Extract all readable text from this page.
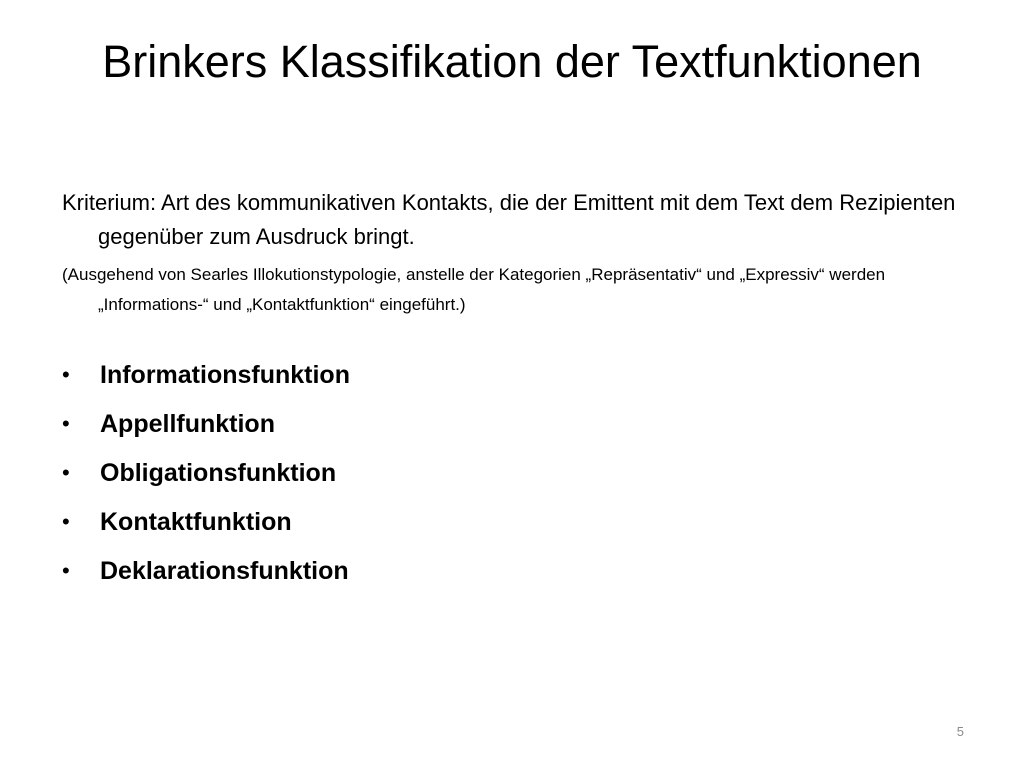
Brinkers Klassifikation der Textfunktionen

Kriterium: Art des kommunikativen Kontakts, die der Emittent mit dem Text dem Rezipienten gegenüber zum Ausdruck bringt.

(Ausgehend von Searles Illokutionstypologie, anstelle der Kategorien „Repräsentativ“ und „Expressiv“ werden „Informations-“ und „Kontaktfunktion“ eingeführt.)

• Informationsfunktion
• Appellfunktion
• Obligationsfunktion
• Kontaktfunktion
• Deklarationsfunktion
5
